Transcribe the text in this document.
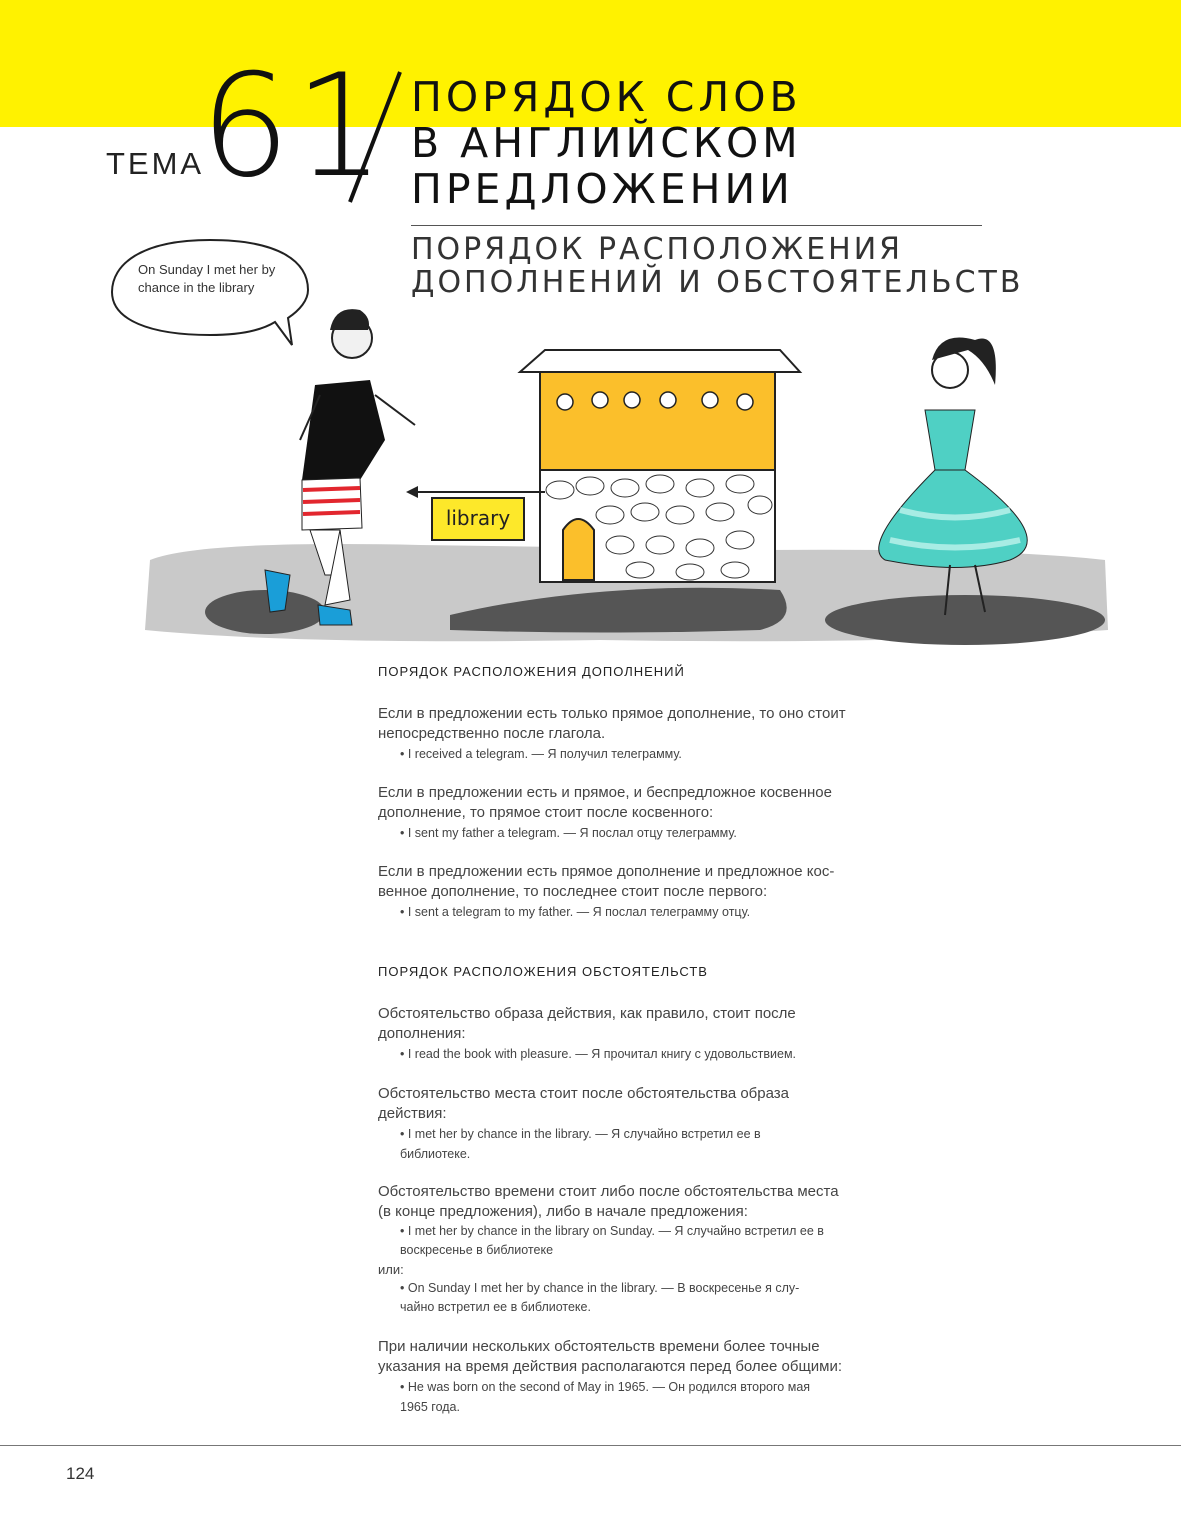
ТЕМА
61 ПОРЯДОК СЛОВ
В АНГЛИЙСКОМ
ПРЕДЛОЖЕНИИ
ПОРЯДОК РАСПОЛОЖЕНИЯ
ДОПОЛНЕНИЙ И ОБСТОЯТЕЛЬСТВ
library
On Sunday I met her by chance in the library
ПОРЯДОК РАСПОЛОЖЕНИЯ ДОПОЛНЕНИЙ
Если в предложении есть только прямое дополнение, то оно стоит
непосредственно после глагола.
• I received a telegram. — Я получил телеграмму.
Если в предложении есть и прямое, и беспредложное косвенное
дополнение, то прямое стоит после косвенного:
• I sent my father a telegram. — Я послал отцу телеграмму.
Если в предложении есть прямое дополнение и предложное кос-
венное дополнение, то последнее стоит после первого:
• I sent a telegram to my father. — Я послал телеграмму отцу.
ПОРЯДОК РАСПОЛОЖЕНИЯ ОБСТОЯТЕЛЬСТВ
Обстоятельство образа действия, как правило, стоит после
дополнения:
• I read the book with pleasure. — Я прочитал книгу с удовольствием.
Обстоятельство места стоит после обстоятельства образа
действия:
• I met her by chance in the library. — Я случайно встретил ее в
библиотеке.
Обстоятельство времени стоит либо после обстоятельства места
(в конце предложения), либо в начале предложения:
• I met her by chance in the library on Sunday. — Я случайно встретил ее в
воскресенье в библиотеке
или:
• On Sunday I met her by chance in the library. — В воскресенье я слу-
чайно встретил ее в библиотеке.
При наличии нескольких обстоятельств времени более точные
указания на время действия располагаются перед более общими:
• He was born on the second of May in 1965. — Он родился второго мая
1965 года.
124
